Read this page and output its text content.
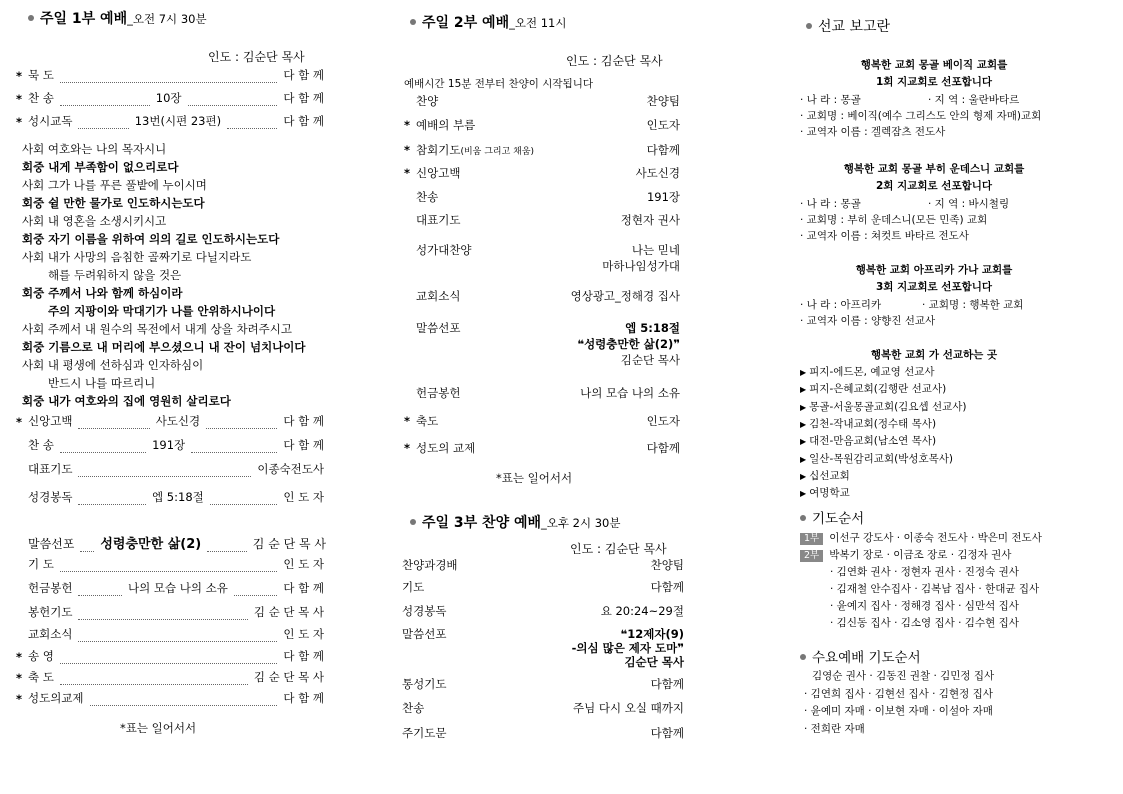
주일 1부 예배_오전 7시 30분
인도 : 김순단 목사
* 묵 도	다 함 께
* 찬 송	10장	다 함 께
* 성시교독	13번(시편 23편)	다 함 께
사회 여호와는 나의 목자시니
회중 내게 부족함이 없으리로다
사회 그가 나를 푸른 풀밭에 누이시며
회중 쉴 만한 물가로 인도하시는도다
사회 내 영혼을 소생시키시고
회중 자기 이름을 위하여 의의 길로 인도하시는도다
사회 내가 사망의 음침한 골짜기로 다닐지라도
해를 두려워하지 않을 것은
회중 주께서 나와 함께 하심이라
주의 지팡이와 막대기가 나를 안위하시나이다
사회 주께서 내 원수의 목전에서 내게 상을 차려주시고
회중 기름으로 내 머리에 부으셨으니 내 잔이 넘치나이다
사회 내 평생에 선하심과 인자하심이
반드시 나를 따르리니
회중 내가 여호와의 집에 영원히 살리로다
* 신앙고백	사도신경	다 함 께
찬 송	191장	다 함 께
대표기도	이종숙전도사
성경봉독	엡 5:18절	인 도 자
말씀선포 성령충만한 삶(2)	김 순 단 목 사
기 도	인 도 자
헌금봉헌	나의 모습 나의 소유	다 함 께
봉헌기도	김 순 단 목 사
교회소식	인 도 자
* 송 영	다 함 께
* 축 도	김 순 단 목 사
* 성도의교제	다 함 께
*표는 일어서서
주일 2부 예배_오전 11시
인도 : 김순단 목사
예배시간 15분 전부터 찬양이 시작됩니다
찬양	찬양팀
* 예배의 부름	인도자
* 참회기도(비움 그리고 채움)	다함께
* 신앙고백	사도신경
찬송	191장
대표기도	정현자 권사
성가대찬양	나는 믿네
마하나임성가대
교회소식	영상광고_정해경 집사
말씀선포	엡 5:18절
❝성령충만한 삶(2)❞
김순단 목사
헌금봉헌	나의 모습 나의 소유
* 축도	인도자
* 성도의 교제	다함께
*표는 일어서서
주일 3부 찬양 예배_오후 2시 30분
인도 : 김순단 목사
찬양과경배	찬양팀
기도	다함께
성경봉독	요 20:24~29절
말씀선포	❝12제자(9)
-의심 많은 제자 도마❞
김순단 목사
통성기도	다함께
찬송	주님 다시 오실 때까지
주기도문	다함께
선교 보고란
행복한 교회 몽골 베이직 교회를
1회 지교회로 선포합니다
· 나 라 : 몽골	· 지 역 : 울란바타르
· 교회명 : 베이직(예수 그리스도 안의 형제 자매)교회
· 교역자 이름 : 겔렉잠츠 전도사
행복한 교회 몽골 부히 운데스니 교회를
2회 지교회로 선포합니다
· 나 라 : 몽골	· 지 역 : 바시철링
· 교회명 : 부히 운데스니(모든 민족) 교회
· 교역자 이름 : 쳐컷트 바타르 전도사
행복한 교회 아프리카 가나 교회를
3회 지교회로 선포합니다
· 나 라 : 아프리카	· 교회명 : 행복한 교회
· 교역자 이름 : 양향진 선교사
행복한 교회 가 선교하는 곳
▶ 피지-에드몬, 예교영 선교사
▶ 피지-은혜교회(김행란 선교사)
▶ 몽골-서울몽골교회(김요셉 선교사)
▶ 김천-작내교회(정수태 목사)
▶ 대전-만음교회(남소연 목사)
▶ 일산-목원감리교회(박성호목사)
▶ 십선교회
▶ 여명학교
기도순서
1부 이선구 강도사 · 이종숙 전도사 · 박은미 전도사
2부 박복기 장로 · 이금조 장로 · 김정자 권사
· 김연화 권사 · 정현자 권사 · 진정숙 권사
· 김재철 안수집사 · 김복남 집사 · 한대균 집사
· 윤예지 집사 · 정해경 집사 · 심만석 집사
· 김신동 집사 · 김소영 집사 · 김수현 집사
수요예배 기도순서
김영순 권사 · 김동진 권찰 · 김민정 집사
· 김연희 집사 · 김현선 집사 · 김현정 집사
· 윤예미 자매 · 이보현 자매 · 이설아 자매
· 전희란 자매
